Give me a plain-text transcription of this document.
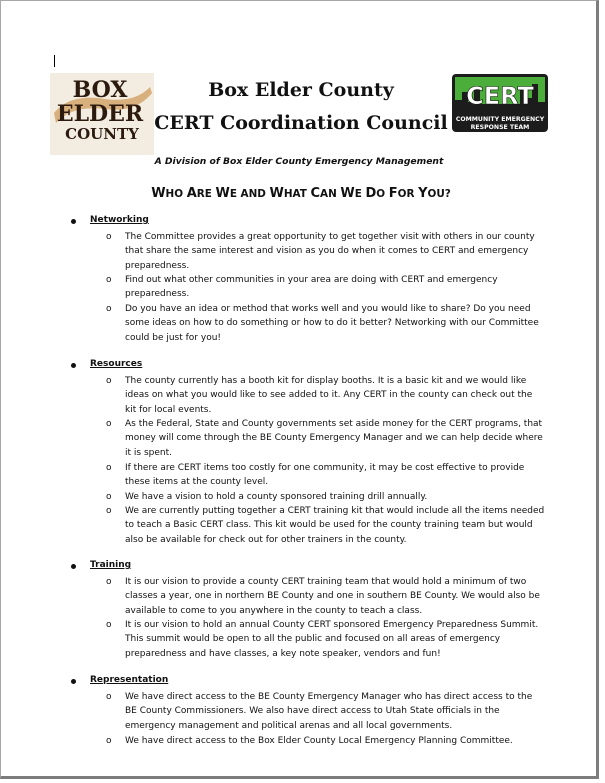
BOX
ELDER
COUNTY
CERT
COMMUNITY EMERGENCY
RESPONSE TEAM
Box Elder County
CERT Coordination Council
A Division of Box Elder County Emergency Management
WHO ARE WE AND WHAT CAN WE DO FOR YOU?
Networking
o The Committee provides a great opportunity to get together visit with others in our county that share the same interest and vision as you do when it comes to CERT and emergency preparedness.
o Find out what other communities in your area are doing with CERT and emergency preparedness.
o Do you have an idea or method that works well and you would like to share? Do you need some ideas on how to do something or how to do it better? Networking with our Committee could be just for you!
Resources
o The county currently has a booth kit for display booths. It is a basic kit and we would like ideas on what you would like to see added to it. Any CERT in the county can check out the kit for local events.
o As the Federal, State and County governments set aside money for the CERT programs, that money will come through the BE County Emergency Manager and we can help decide where it is spent.
o If there are CERT items too costly for one community, it may be cost effective to provide these items at the county level.
o We have a vision to hold a county sponsored training drill annually.
o We are currently putting together a CERT training kit that would include all the items needed to teach a Basic CERT class. This kit would be used for the county training team but would also be available for check out for other trainers in the county.
Training
o It is our vision to provide a county CERT training team that would hold a minimum of two classes a year, one in northern BE County and one in southern BE County. We would also be available to come to you anywhere in the county to teach a class.
o It is our vision to hold an annual County CERT sponsored Emergency Preparedness Summit. This summit would be open to all the public and focused on all areas of emergency preparedness and have classes, a key note speaker, vendors and fun!
Representation
o We have direct access to the BE County Emergency Manager who has direct access to the BE County Commissioners. We also have direct access to Utah State officials in the emergency management and political arenas and all local governments.
o We have direct access to the Box Elder County Local Emergency Planning Committee.
